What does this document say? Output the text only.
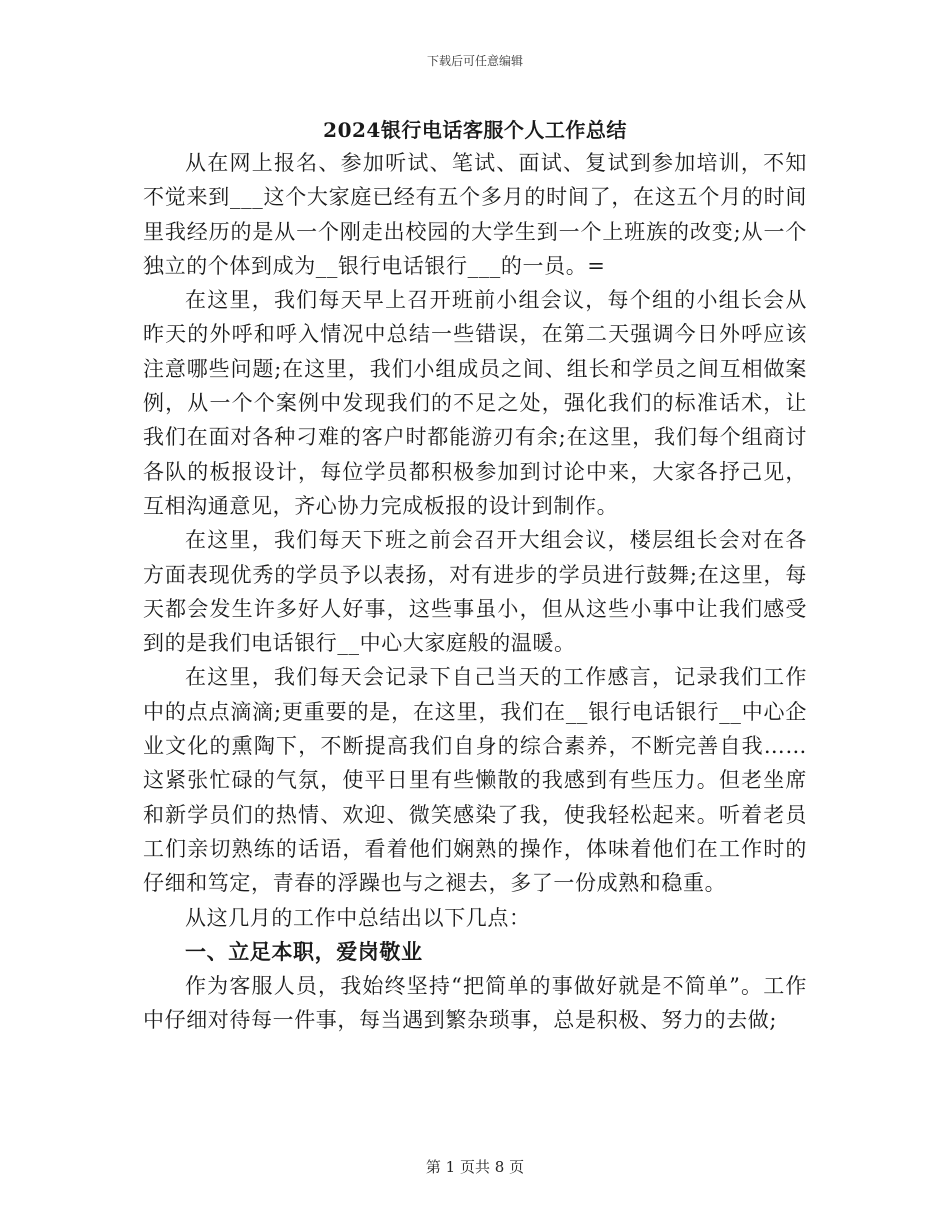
下载后可任意编辑
2024银行电话客服个人工作总结

从在网上报名、参加听试、笔试、面试、复试到参加培训，不知不觉来到___这个大家庭已经有五个多月的时间了，在这五个月的时间里我经历的是从一个刚走出校园的大学生到一个上班族的改变;从一个独立的个体到成为__银行电话银行___的一员。=

在这里，我们每天早上召开班前小组会议，每个组的小组长会从昨天的外呼和呼入情况中总结一些错误，在第二天强调今日外呼应该注意哪些问题;在这里，我们小组成员之间、组长和学员之间互相做案例，从一个个案例中发现我们的不足之处，强化我们的标准话术，让我们在面对各种刁难的客户时都能游刃有余;在这里，我们每个组商讨各队的板报设计，每位学员都积极参加到讨论中来，大家各抒己见，互相沟通意见，齐心协力完成板报的设计到制作。

在这里，我们每天下班之前会召开大组会议，楼层组长会对在各方面表现优秀的学员予以表扬，对有进步的学员进行鼓舞;在这里，每天都会发生许多好人好事，这些事虽小，但从这些小事中让我们感受到的是我们电话银行__中心大家庭般的温暖。

在这里，我们每天会记录下自己当天的工作感言，记录我们工作中的点点滴滴;更重要的是，在这里，我们在__银行电话银行__中心企业文化的熏陶下，不断提高我们自身的综合素养，不断完善自我……这紧张忙碌的气氛，使平日里有些懒散的我感到有些压力。但老坐席和新学员们的热情、欢迎、微笑感染了我，使我轻松起来。听着老员工们亲切熟练的话语，看着他们娴熟的操作，体味着他们在工作时的仔细和笃定，青春的浮躁也与之褪去，多了一份成熟和稳重。

从这几月的工作中总结出以下几点：

一、立足本职，爱岗敬业

作为客服人员，我始终坚持“把简单的事做好就是不简单”。工作中仔细对待每一件事，每当遇到繁杂琐事，总是积极、努力的去做;

第 1 页共 8 页
